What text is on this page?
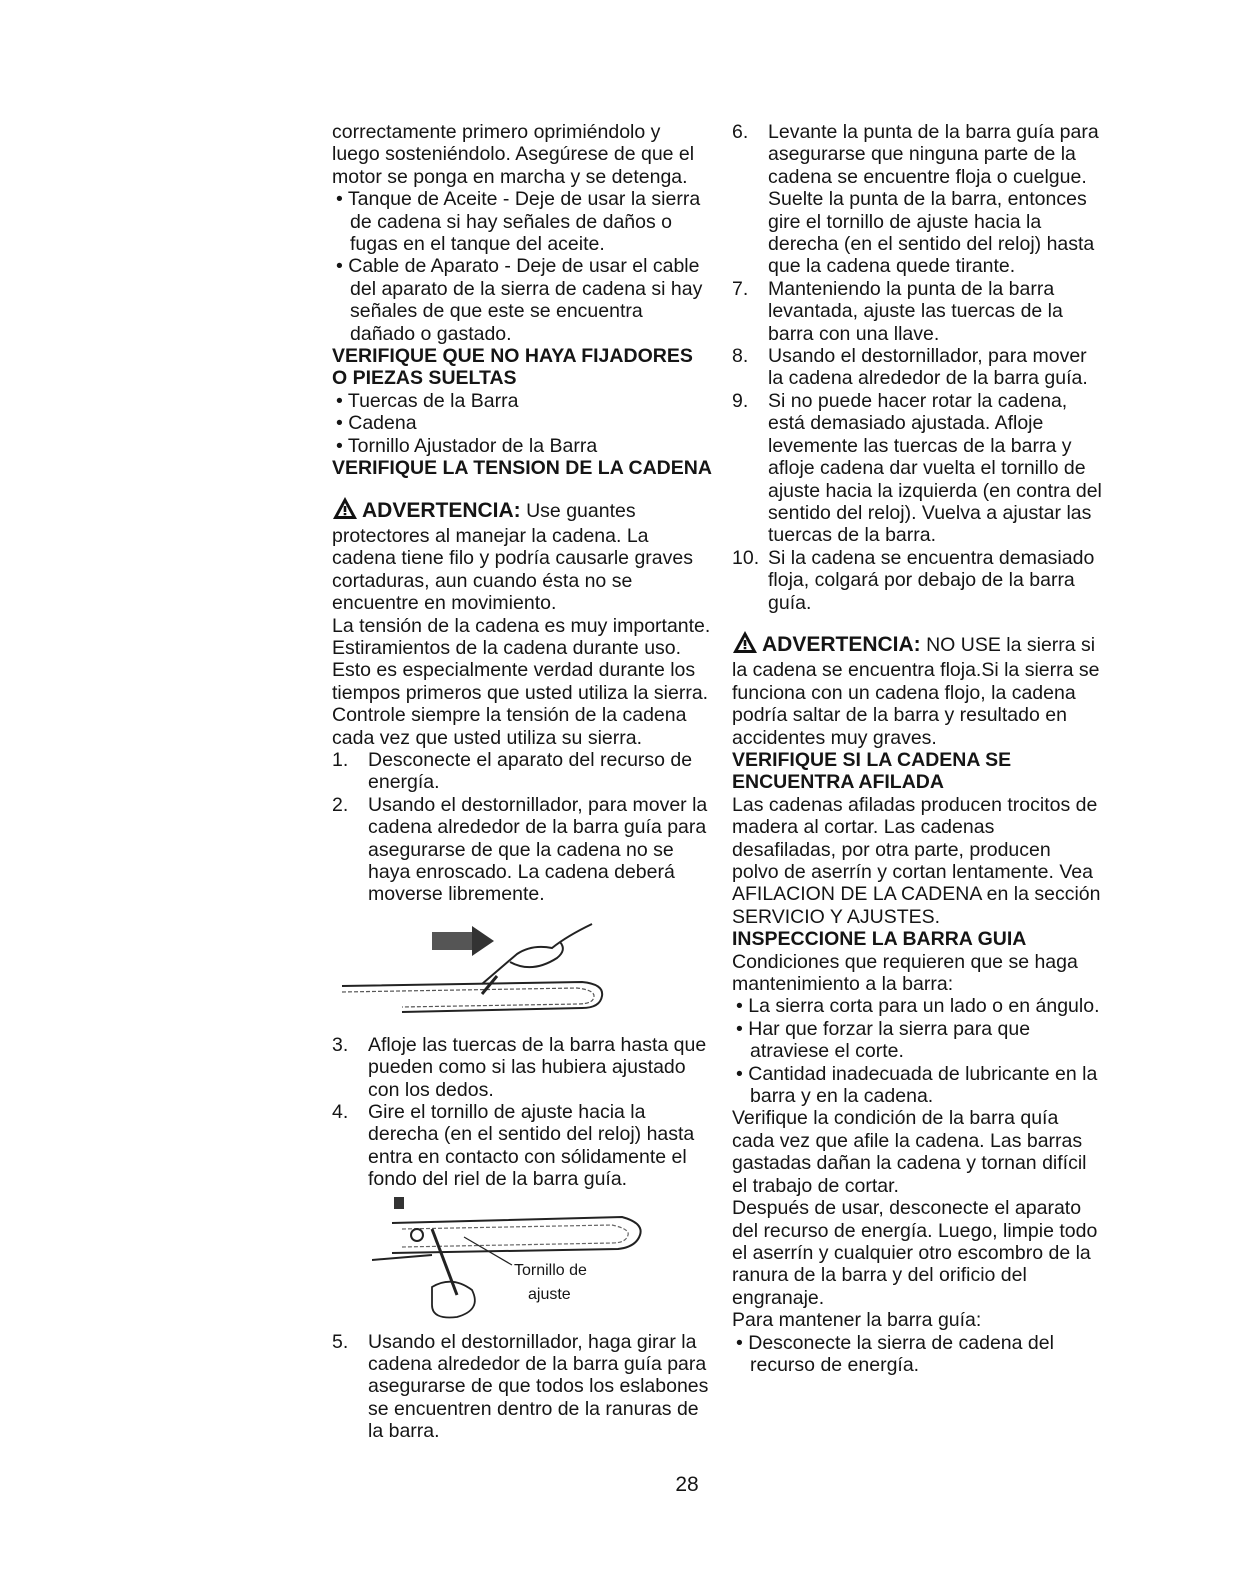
correctamente primero oprimiéndolo y luego sosteniéndolo. Asegúrese de que el motor se ponga en marcha y se detenga.

• Tanque de Aceite - Deje de usar la sierra de cadena si hay señales de daños o fugas en el tanque del aceite.

• Cable de Aparato - Deje de usar el cable del aparato de la sierra de cadena si hay señales de que este se encuentra dañado o gastado.

VERIFIQUE QUE NO HAYA FIJADORES O PIEZAS SUELTAS

• Tuercas de la Barra

• Cadena

• Tornillo Ajustador de la Barra

VERIFIQUE LA TENSION DE LA CADENA

ADVERTENCIA: Use guantes protectores al manejar la cadena. La cadena tiene filo y podría causarle graves cortaduras, aun cuando ésta no se encuentre en movimiento.

La tensión de la cadena es muy importante. Estiramientos de la cadena durante uso. Esto es especialmente verdad durante los tiempos primeros que usted utiliza la sierra. Controle siempre la tensión de la cadena cada vez que usted utiliza su sierra.

1. Desconecte el aparato del recurso de energía.
2. Usando el destornillador, para mover la cadena alrededor de la barra guía para asegurarse de que la cadena no se haya enroscado. La cadena deberá moverse libremente.
3. Afloje las tuercas de la barra hasta que pueden como si las hubiera ajustado con los dedos.
4. Gire el tornillo de ajuste hacia la derecha (en el sentido del reloj) hasta entra en contacto con sólidamente el fondo del riel de la barra guía.
Tornillo de
ajuste
5. Usando el destornillador, haga girar la cadena alrededor de la barra guía para asegurarse de que todos los eslabones se encuentren dentro de la ranuras de la barra.
6. Levante la punta de la barra guía para asegurarse que ninguna parte de la cadena se encuentre floja o cuelgue. Suelte la punta de la barra, entonces gire el tornillo de ajuste hacia la derecha (en el sentido del reloj) hasta que la cadena quede tirante.
7. Manteniendo la punta de la barra levantada, ajuste las tuercas de la barra con una llave.
8. Usando el destornillador, para mover la cadena alrededor de la barra guía.
9. Si no puede hacer rotar la cadena, está demasiado ajustada. Afloje levemente las tuercas de la barra y afloje cadena dar vuelta el tornillo de ajuste hacia la izquierda (en contra del sentido del reloj). Vuelva a ajustar las tuercas de la barra.
10. Si la cadena se encuentra demasiado floja, colgará por debajo de la barra guía.

ADVERTENCIA: NO USE la sierra si la cadena se encuentra floja.Si la sierra se funciona con un cadena flojo, la cadena podría saltar de la barra y resultado en accidentes muy graves.

VERIFIQUE SI LA CADENA SE ENCUENTRA AFILADA

Las cadenas afiladas producen trocitos de madera al cortar. Las cadenas desafiladas, por otra parte, producen polvo de aserrín y cortan lentamente. Vea AFILACION DE LA CADENA en la sección SERVICIO Y AJUSTES.

INSPECCIONE LA BARRA GUIA

Condiciones que requieren que se haga mantenimiento a la barra:

• La sierra corta para un lado o en ángulo.

• Har que forzar la sierra para que atraviese el corte.

• Cantidad inadecuada de lubricante en la barra y en la cadena.

Verifique la condición de la barra quía cada vez que afile la cadena. Las barras gastadas dañan la cadena y tornan difícil el trabajo de cortar.

Después de usar, desconecte el aparato del recurso de energía. Luego, limpie todo el aserrín y cualquier otro escombro de la ranura de la barra y del orificio del engranaje.

Para mantener la barra guía:

• Desconecte la sierra de cadena del recurso de energía.

28
